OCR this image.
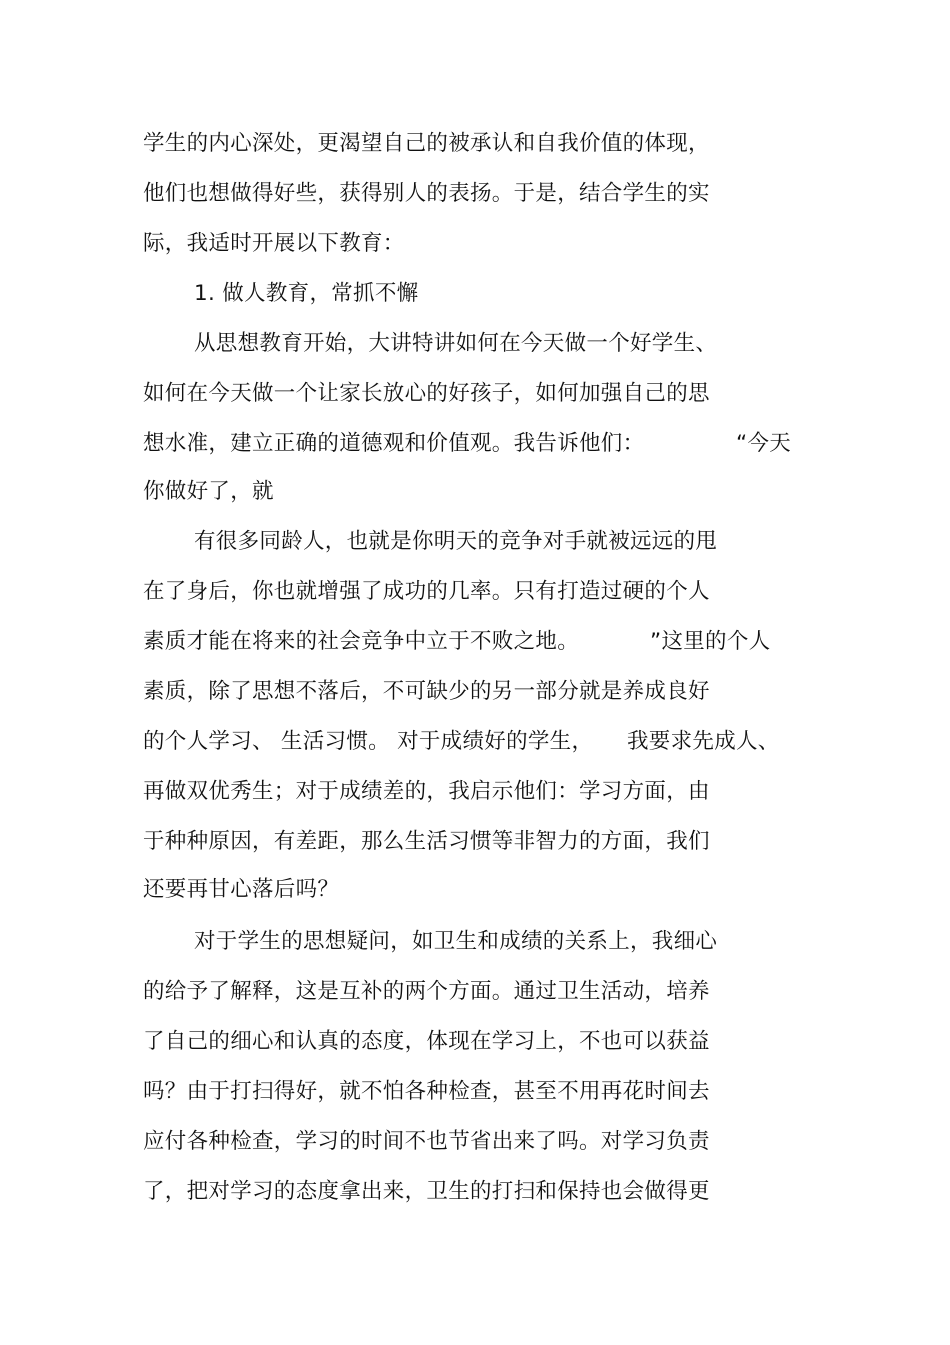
学生的内心深处，更渴望自己的被承认和自我价值的体现，
他们也想做得好些，获得别人的表扬。于是，结合学生的实
际，我适时开展以下教育：
1. 做人教育，常抓不懈
从思想教育开始，大讲特讲如何在今天做一个好学生、
如何在今天做一个让家长放心的好孩子，如何加强自己的思
想水准，建立正确的道德观和价值观。我告诉他们：	“今天
你做好了，就
有很多同龄人，也就是你明天的竞争对手就被远远的甩
在了身后，你也就增强了成功的几率。只有打造过硬的个人
素质才能在将来的社会竞争中立于不败之地。	”这里的个人
素质，除了思想不落后，不可缺少的另一部分就是养成良好
的个人学习、 生活习惯。 对于成绩好的学生， 我要求先成人、
再做双优秀生；对于成绩差的，我启示他们：学习方面，由
于种种原因，有差距，那么生活习惯等非智力的方面，我们
还要再甘心落后吗？
对于学生的思想疑问，如卫生和成绩的关系上，我细心
的给予了解释，这是互补的两个方面。通过卫生活动，培养
了自己的细心和认真的态度，体现在学习上，不也可以获益
吗？由于打扫得好，就不怕各种检查，甚至不用再花时间去
应付各种检查，学习的时间不也节省出来了吗。对学习负责
了，把对学习的态度拿出来，卫生的打扫和保持也会做得更
